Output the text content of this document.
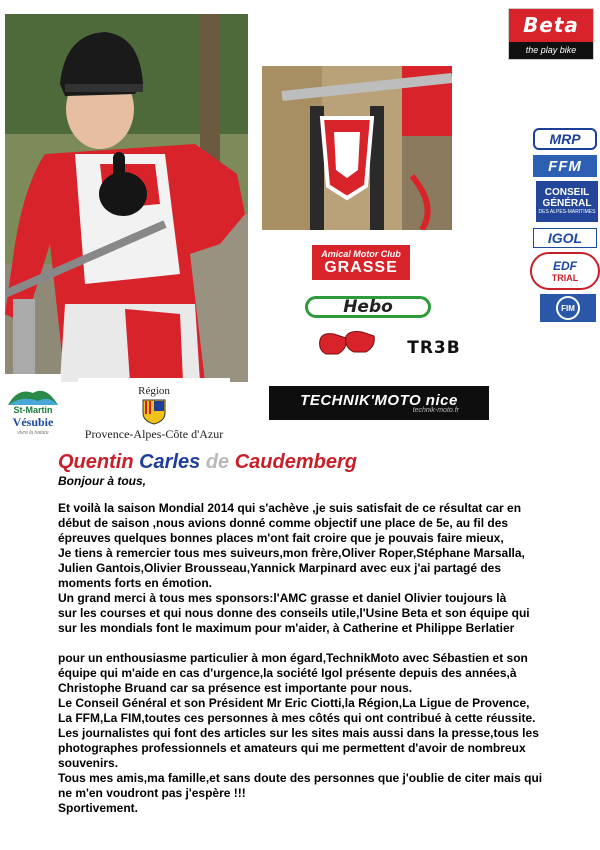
Beta
the play bike
Amical Motor Club
GRASSE
Hebo
TR3B
TECHNIK'MOTO nice
technik-moto.fr
MRP
FFM
CONSEIL
GÉNÉRAL
DES ALPES-MARITIMES
IGOL
EDF
TRIAL
FIM
St-Martin
Vésubie
vivre la nature
Région
Provence-Alpes-Côte d'Azur
Quentin Carles de Caudemberg
Bonjour à tous,
Et voilà la saison Mondial 2014 qui s'achève ,je suis satisfait de ce résultat car en
début de saison ,nous avions donné comme objectif une place de 5e, au fil des
épreuves quelques bonnes places m'ont fait croire que je pouvais faire mieux,
Je tiens à remercier tous mes suiveurs,mon frère,Oliver Roper,Stéphane Marsalla,
Julien Gantois,Olivier Brousseau,Yannick Marpinard avec eux j'ai partagé des
moments forts en émotion.
Un grand merci à tous mes sponsors:l'AMC grasse et daniel Olivier toujours là
sur les courses et qui nous donne des conseils utile,l'Usine Beta et son équipe qui
sur les mondials font le maximum pour m'aider, à Catherine et Philippe Berlatier
pour un enthousiasme particulier à mon égard,TechnikMoto avec Sébastien et son
équipe qui m'aide en cas d'urgence,la société Igol présente depuis des années,à
Christophe Bruand car sa présence est importante pour nous.
Le Conseil Général et son Président Mr Eric Ciotti,la Région,La Ligue de Provence,
La FFM,La FIM,toutes ces personnes à mes côtés qui ont contribué à cette réussite.
Les journalistes qui font des articles sur les sites mais aussi dans la presse,tous les
photographes professionnels et amateurs qui me permettent d'avoir de nombreux
souvenirs.
Tous mes amis,ma famille,et sans doute des personnes que j'oublie de citer mais qui
ne m'en voudront pas j'espère !!!
Sportivement.
